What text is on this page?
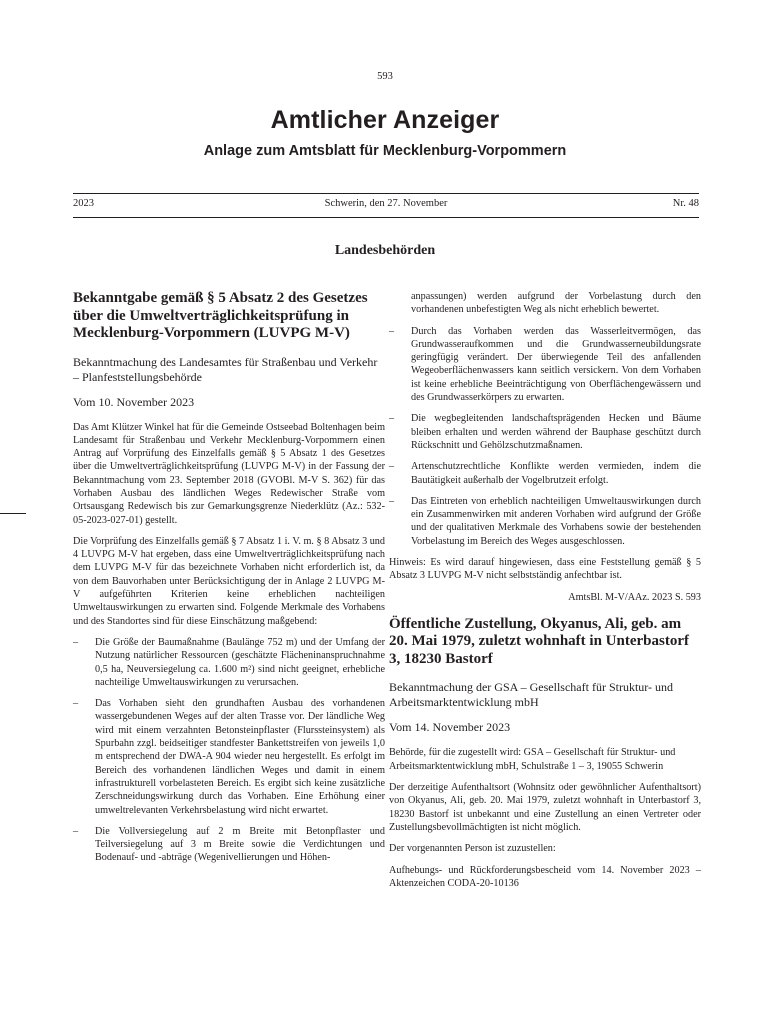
593
Amtlicher Anzeiger
Anlage zum Amtsblatt für Mecklenburg-Vorpommern
Schwerin, den 27. November
2023	Nr. 48
Landesbehörden
Bekanntgabe gemäß § 5 Absatz 2 des Gesetzes über die Umweltverträglichkeitsprüfung in Mecklenburg-Vorpommern (LUVPG M-V)
Bekanntmachung des Landesamtes für Straßenbau und Verkehr – Planfeststellungsbehörde
Vom 10. November 2023
Das Amt Klützer Winkel hat für die Gemeinde Ostseebad Boltenhagen beim Landesamt für Straßenbau und Verkehr Mecklenburg-Vorpommern einen Antrag auf Vorprüfung des Einzelfalls gemäß § 5 Absatz 1 des Gesetzes über die Umweltverträglichkeitsprüfung (LUVPG M-V) in der Fassung der Bekanntmachung vom 23. September 2018 (GVOBl. M-V S. 362) für das Vorhaben Ausbau des ländlichen Weges Redewischer Straße vom Ortsausgang Redewisch bis zur Gemarkungsgrenze Niederklütz (Az.: 532-05-2023-027-01) gestellt.
Die Vorprüfung des Einzelfalls gemäß § 7 Absatz 1 i. V. m. § 8 Absatz 3 und 4 LUVPG M-V hat ergeben, dass eine Umweltverträglichkeitsprüfung nach dem LUVPG M-V für das bezeichnete Vorhaben nicht erforderlich ist, da von dem Bauvorhaben unter Berücksichtigung der in Anlage 2 LUVPG M-V aufgeführten Kriterien keine erheblichen nachteiligen Umweltauswirkungen zu erwarten sind. Folgende Merkmale des Vorhabens und des Standortes sind für diese Einschätzung maßgebend:
– Die Größe der Baumaßnahme (Baulänge 752 m) und der Umfang der Nutzung natürlicher Ressourcen (geschätzte Flächeninanspruchnahme 0,5 ha, Neuversiegelung ca. 1.600 m²) sind nicht geeignet, erhebliche nachteilige Umweltauswirkungen zu verursachen.
– Das Vorhaben sieht den grundhaften Ausbau des vorhandenen wassergebundenen Weges auf der alten Trasse vor. Der ländliche Weg wird mit einem verzahnten Betonsteinpflaster (Flurssteinsystem) als Spurbahn zzgl. beidseitiger standfester Bankettstreifen von jeweils 1,0 m entsprechend der DWA-A 904 wieder neu hergestellt. Es erfolgt im Bereich des vorhandenen ländlichen Weges und damit in einem infrastrukturell vorbelasteten Bereich. Es ergibt sich keine zusätzliche Zerschneidungswirkung durch das Vorhaben. Eine Erhöhung einer umweltrelevanten Verkehrsbelastung wird nicht erwartet.
– Die Vollversiegelung auf 2 m Breite mit Betonpflaster und Teilversiegelung auf 3 m Breite sowie die Verdichtungen und Bodenauf- und -abträge (Wegenivellierungen und Höhen-
anpassungen) werden aufgrund der Vorbelastung durch den vorhandenen unbefestigten Weg als nicht erheblich bewertet.
– Durch das Vorhaben werden das Wasserleitvermögen, das Grundwasseraufkommen und die Grundwasserneubildungsrate geringfügig verändert. Der überwiegende Teil des anfallenden Wegeoberflächenwassers kann seitlich versickern. Von dem Vorhaben ist keine erhebliche Beeinträchtigung von Oberflächengewässern und des Grundwasserkörpers zu erwarten.
– Die wegbegleitenden landschaftsprägenden Hecken und Bäume bleiben erhalten und werden während der Bauphase geschützt durch Rückschnitt und Gehölzschutzmaßnamen.
– Artenschutzrechtliche Konflikte werden vermieden, indem die Bautätigkeit außerhalb der Vogelbrutzeit erfolgt.
– Das Eintreten von erheblich nachteiligen Umweltauswirkungen durch ein Zusammenwirken mit anderen Vorhaben wird aufgrund der Größe und der qualitativen Merkmale des Vorhabens sowie der bestehenden Vorbelastung im Bereich des Weges ausgeschlossen.
Hinweis: Es wird darauf hingewiesen, dass eine Feststellung gemäß § 5 Absatz 3 LUVPG M-V nicht selbstständig anfechtbar ist.
AmtsBl. M-V/AAz. 2023 S. 593
Öffentliche Zustellung, Okyanus, Ali, geb. am 20. Mai 1979, zuletzt wohnhaft in Unterbastorf 3, 18230 Bastorf
Bekanntmachung der GSA – Gesellschaft für Struktur- und Arbeitsmarktentwicklung mbH
Vom 14. November 2023
Behörde, für die zugestellt wird: GSA – Gesellschaft für Struktur- und Arbeitsmarktentwicklung mbH, Schulstraße 1 – 3, 19055 Schwerin
Der derzeitige Aufenthaltsort (Wohnsitz oder gewöhnlicher Aufenthaltsort) von Okyanus, Ali, geb. 20. Mai 1979, zuletzt wohnhaft in Unterbastorf 3, 18230 Bastorf ist unbekannt und eine Zustellung an einen Vertreter oder Zustellungsbevollmächtigten ist nicht möglich.
Der vorgenannten Person ist zuzustellen:
Aufhebungs- und Rückforderungsbescheid vom 14. November 2023 – Aktenzeichen CODA-20-10136
